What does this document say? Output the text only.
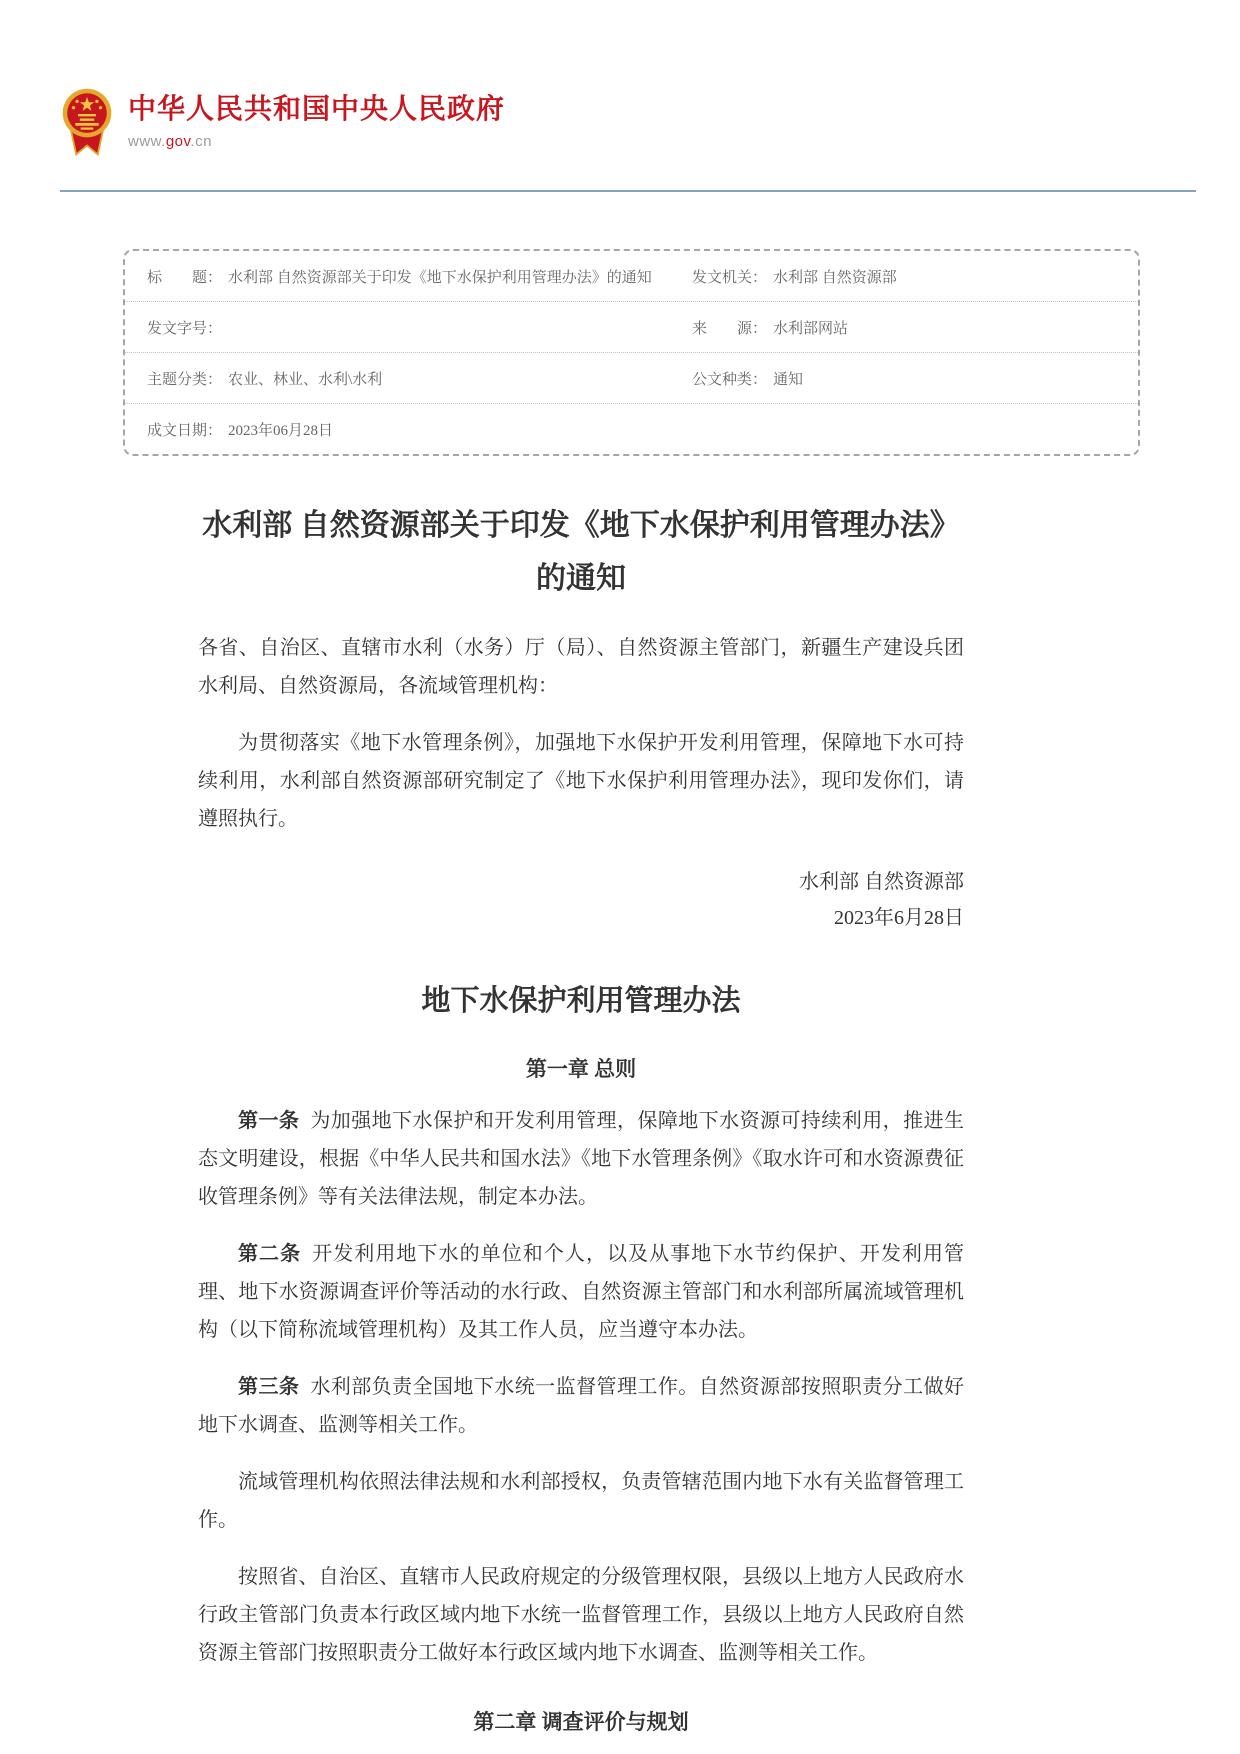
中华人民共和国中央人民政府
www.gov.cn
标　　题： 水利部 自然资源部关于印发《地下水保护利用管理办法》的通知	发文机关： 水利部 自然资源部
发文字号：	来　　源： 水利部网站
主题分类： 农业、林业、水利\水利	公文种类： 通知
成文日期： 2023年06月28日
水利部 自然资源部关于印发《地下水保护利用管理办法》的通知

各省、自治区、直辖市水利（水务）厅（局）、自然资源主管部门，新疆生产建设兵团水利局、自然资源局，各流域管理机构：

为贯彻落实《地下水管理条例》，加强地下水保护开发利用管理，保障地下水可持续利用，水利部自然资源部研究制定了《地下水保护利用管理办法》，现印发你们，请遵照执行。

水利部 自然资源部
2023年6月28日
地下水保护利用管理办法
第一章 总则

第一条 为加强地下水保护和开发利用管理，保障地下水资源可持续利用，推进生态文明建设，根据《中华人民共和国水法》《地下水管理条例》《取水许可和水资源费征收管理条例》等有关法律法规，制定本办法。

第二条 开发利用地下水的单位和个人，以及从事地下水节约保护、开发利用管理、地下水资源调查评价等活动的水行政、自然资源主管部门和水利部所属流域管理机构（以下简称流域管理机构）及其工作人员，应当遵守本办法。

第三条 水利部负责全国地下水统一监督管理工作。自然资源部按照职责分工做好地下水调查、监测等相关工作。

流域管理机构依照法律法规和水利部授权，负责管辖范围内地下水有关监督管理工作。

按照省、自治区、直辖市人民政府规定的分级管理权限，县级以上地方人民政府水行政主管部门负责本行政区域内地下水统一监督管理工作，县级以上地方人民政府自然资源主管部门按照职责分工做好本行政区域内地下水调查、监测等相关工作。

第二章 调查评价与规划
